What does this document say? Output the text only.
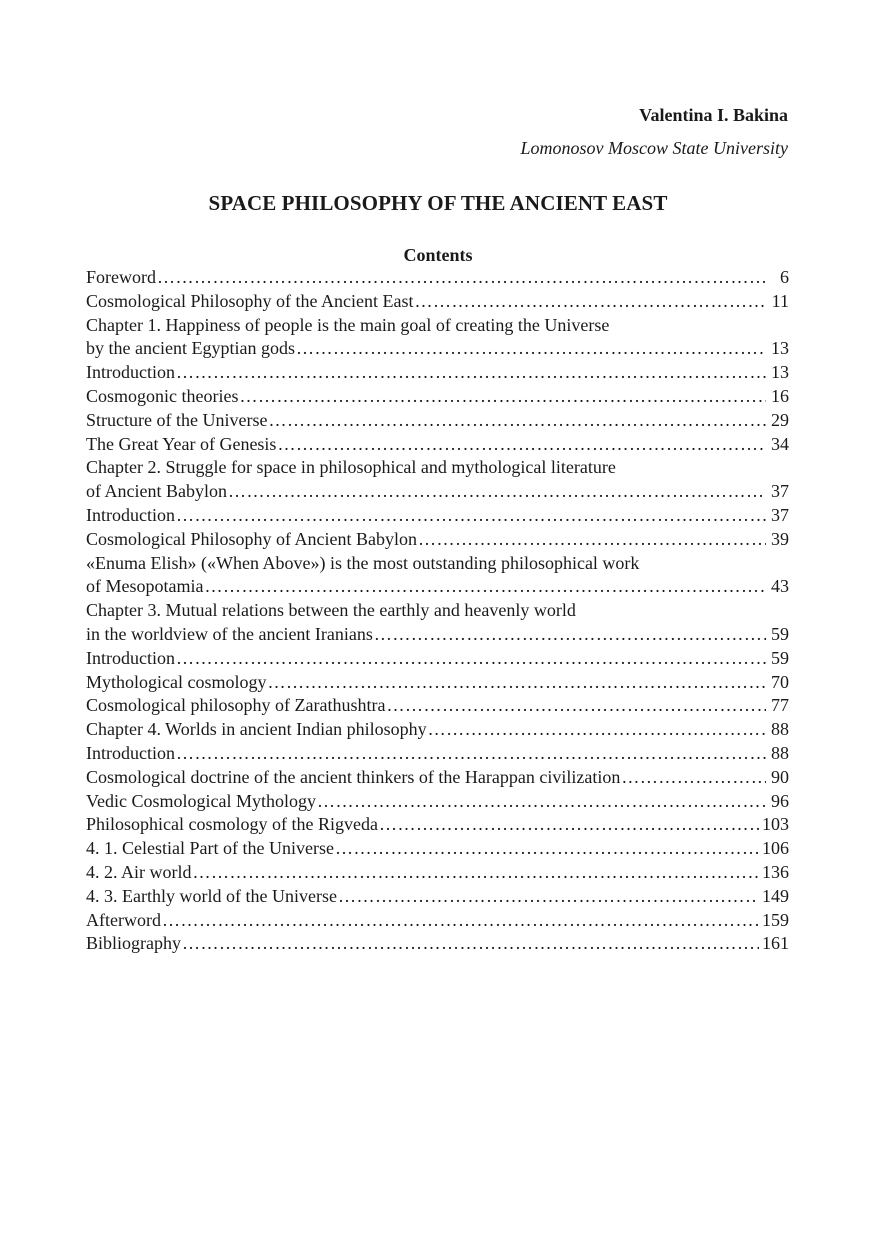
Valentina I. Bakina
Lomonosov Moscow State University
SPACE PHILOSOPHY OF THE ANCIENT EAST
Contents
Foreword ……………………………………………………………………………………………………………………………………………………………………………………………………	6
Cosmological Philosophy of the Ancient East ……………………………………………………………………………………………………………………………………………………………………………………………………	11
Chapter 1. Happiness of people is the main goal of creating the Universe
by the ancient Egyptian gods ……………………………………………………………………………………………………………………………………………………………………………………………………	13
Introduction ……………………………………………………………………………………………………………………………………………………………………………………………………	13
Cosmogonic theories ……………………………………………………………………………………………………………………………………………………………………………………………………	16
Structure of the Universe ……………………………………………………………………………………………………………………………………………………………………………………………………	29
The Great Year of Genesis ……………………………………………………………………………………………………………………………………………………………………………………………………	34
Chapter 2. Struggle for space in philosophical and mythological literature
of Ancient Babylon ……………………………………………………………………………………………………………………………………………………………………………………………………	37
Introduction ……………………………………………………………………………………………………………………………………………………………………………………………………	37
Cosmological Philosophy of Ancient Babylon ……………………………………………………………………………………………………………………………………………………………………………………………………	39
«Enuma Elish» («When Above») is the most outstanding philosophical work
of Mesopotamia ……………………………………………………………………………………………………………………………………………………………………………………………………	43
Chapter 3. Mutual relations between the earthly and heavenly world
in the worldview of the ancient Iranians ……………………………………………………………………………………………………………………………………………………………………………………………………	59
Introduction ……………………………………………………………………………………………………………………………………………………………………………………………………	59
Mythological cosmology ……………………………………………………………………………………………………………………………………………………………………………………………………	70
Cosmological philosophy of Zarathushtra ……………………………………………………………………………………………………………………………………………………………………………………………………	77
Chapter 4. Worlds in ancient Indian philosophy ……………………………………………………………………………………………………………………………………………………………………………………………………	88
Introduction ……………………………………………………………………………………………………………………………………………………………………………………………………	88
Cosmological doctrine of the ancient thinkers of the Harappan civilization ……………………………………………………………………………………………………………………………………………………………………………………………………	90
Vedic Cosmological Mythology ……………………………………………………………………………………………………………………………………………………………………………………………………	96
Philosophical cosmology of the Rigveda ……………………………………………………………………………………………………………………………………………………………………………………………………	103
4. 1. Celestial Part of the Universe ……………………………………………………………………………………………………………………………………………………………………………………………………	106
4. 2. Air world ……………………………………………………………………………………………………………………………………………………………………………………………………	136
4. 3. Earthly world of the Universe ……………………………………………………………………………………………………………………………………………………………………………………………………	149
Afterword ……………………………………………………………………………………………………………………………………………………………………………………………………	159
Bibliography ……………………………………………………………………………………………………………………………………………………………………………………………………	161
